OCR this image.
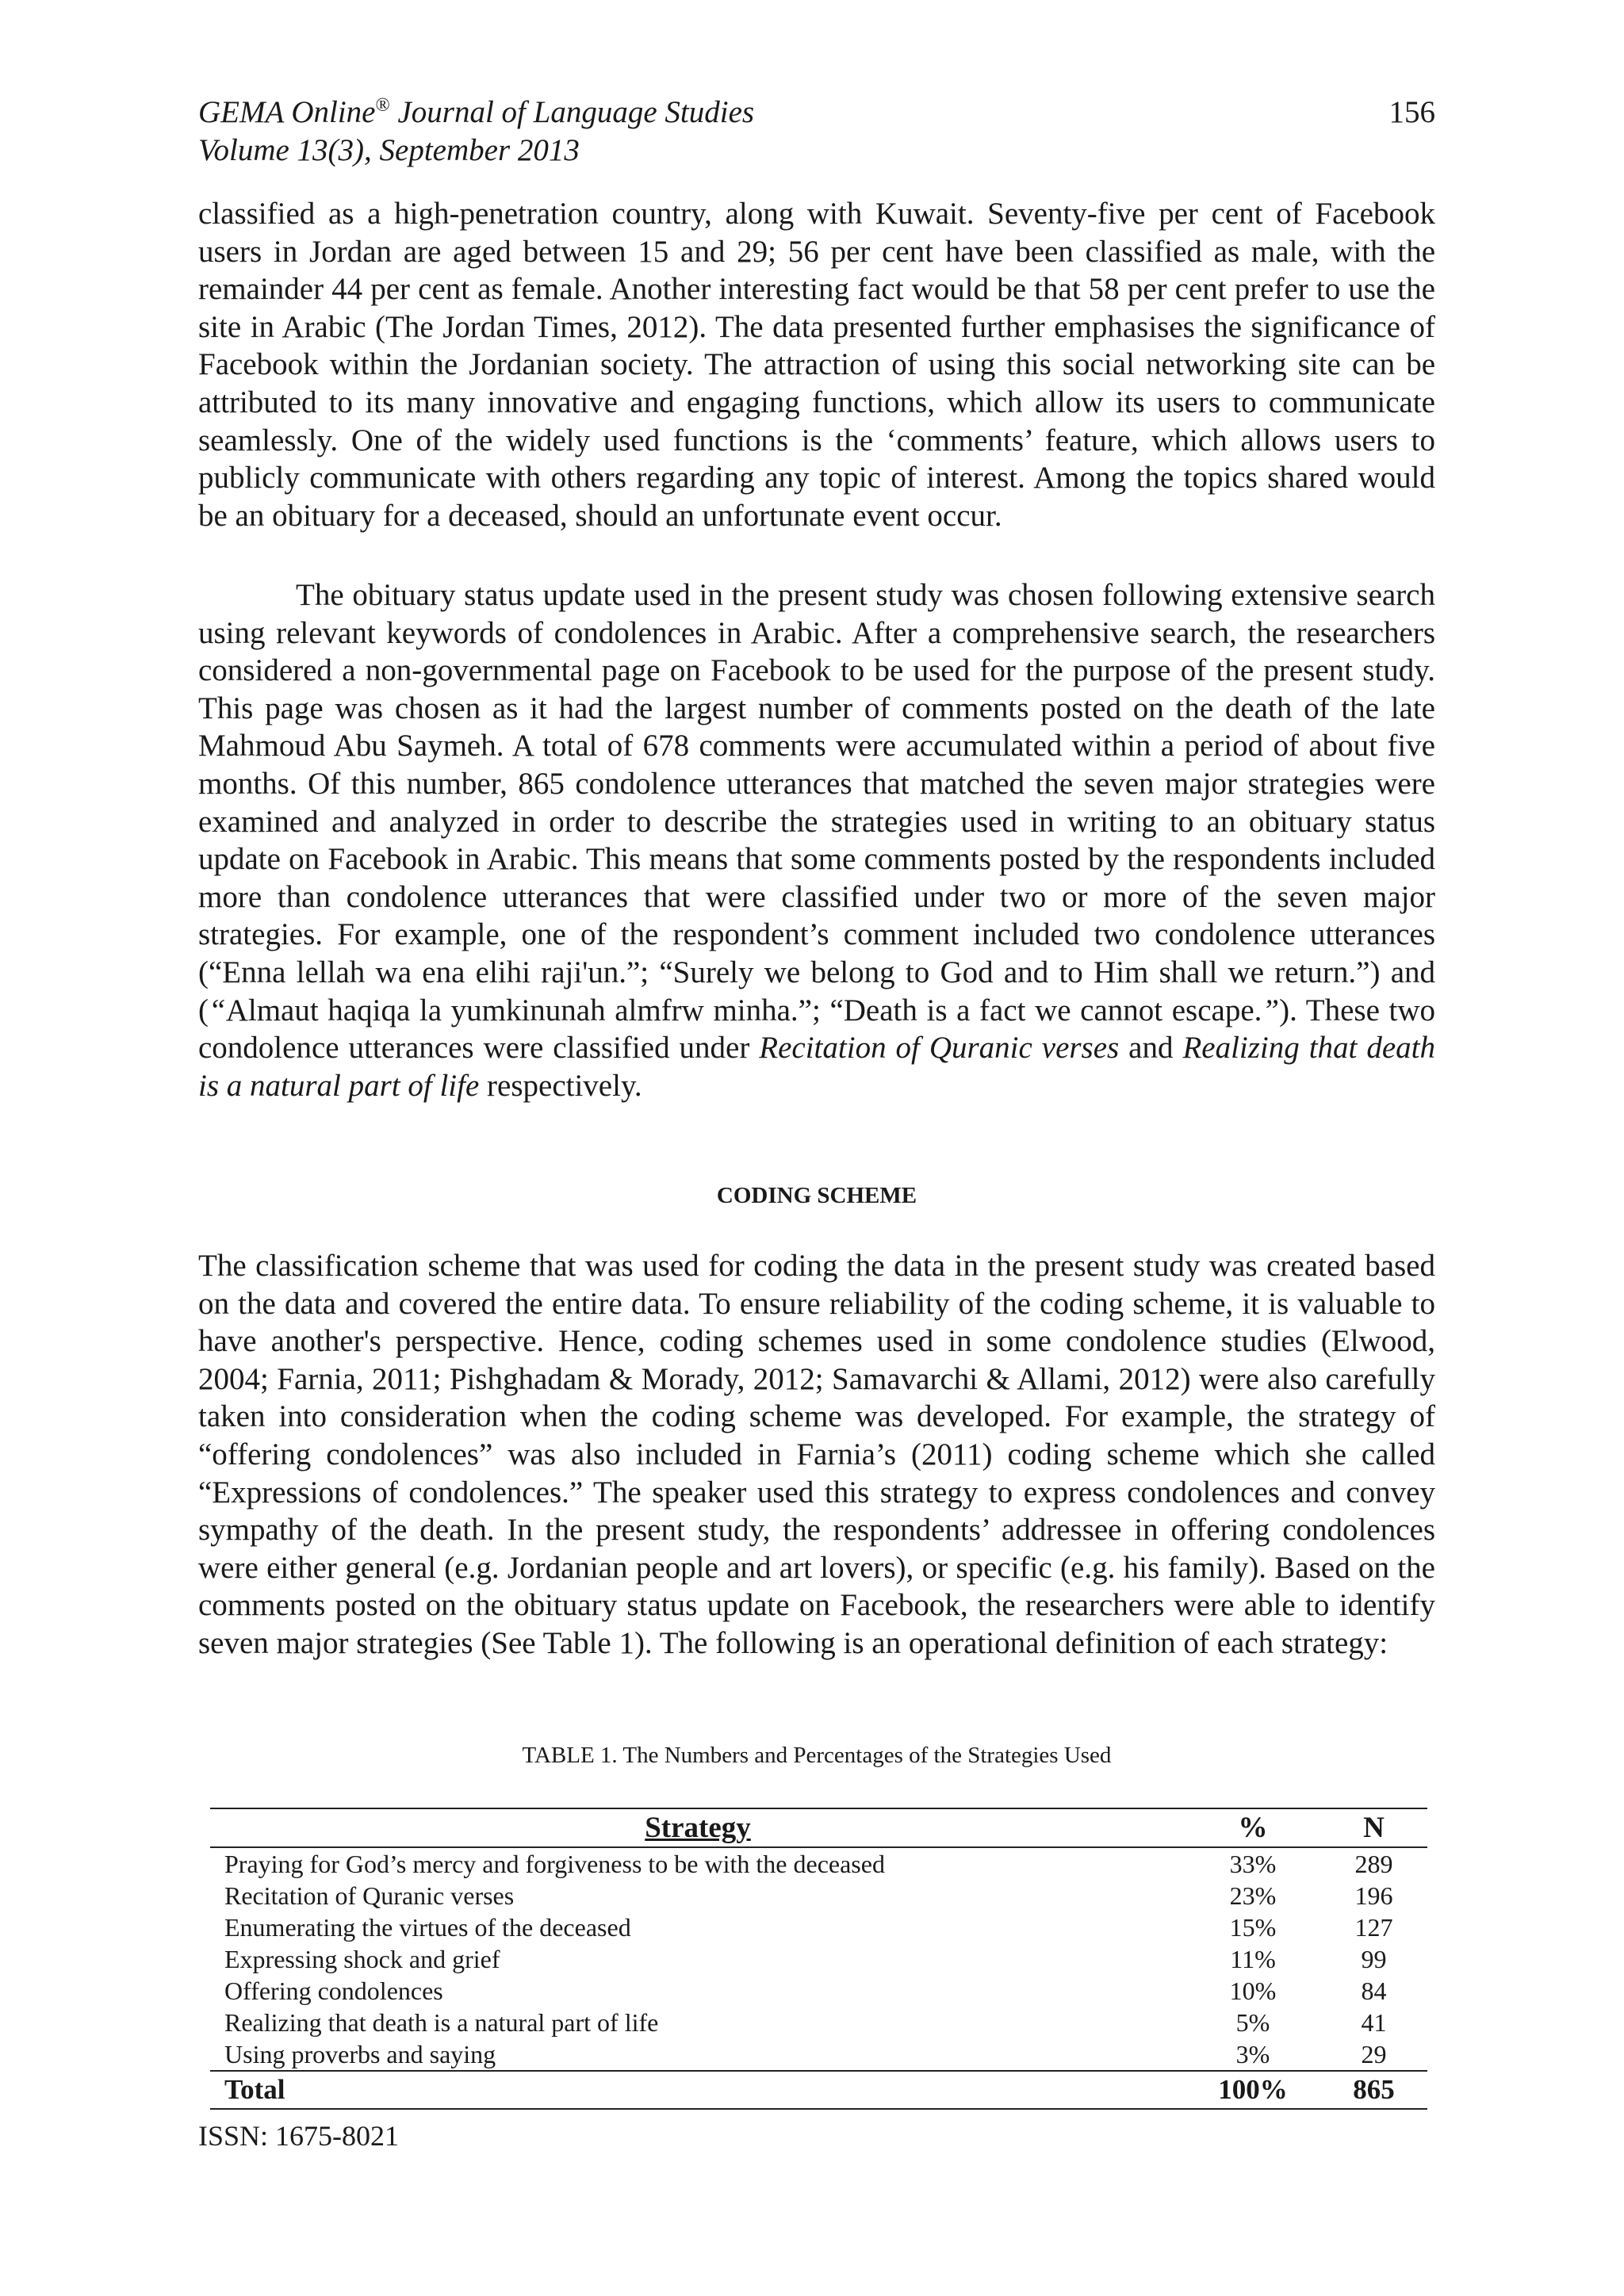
GEMA Online® Journal of Language Studies
Volume 13(3), September 2013
156

classified as a high-penetration country, along with Kuwait. Seventy-five per cent of Facebook users in Jordan are aged between 15 and 29; 56 per cent have been classified as male, with the remainder 44 per cent as female. Another interesting fact would be that 58 per cent prefer to use the site in Arabic (The Jordan Times, 2012). The data presented further emphasises the significance of Facebook within the Jordanian society. The attraction of using this social networking site can be attributed to its many innovative and engaging functions, which allow its users to communicate seamlessly. One of the widely used functions is the ‘comments’ feature, which allows users to publicly communicate with others regarding any topic of interest. Among the topics shared would be an obituary for a deceased, should an unfortunate event occur.

The obituary status update used in the present study was chosen following extensive search using relevant keywords of condolences in Arabic. After a comprehensive search, the researchers considered a non-governmental page on Facebook to be used for the purpose of the present study. This page was chosen as it had the largest number of comments posted on the death of the late Mahmoud Abu Saymeh. A total of 678 comments were accumulated within a period of about five months. Of this number, 865 condolence utterances that matched the seven major strategies were examined and analyzed in order to describe the strategies used in writing to an obituary status update on Facebook in Arabic. This means that some comments posted by the respondents included more than condolence utterances that were classified under two or more of the seven major strategies. For example, one of the respondent’s comment included two condolence utterances (“Enna lellah wa ena elihi raji'un.”; “Surely we belong to God and to Him shall we return.”) and (“Almaut haqiqa la yumkinunah almfrw minha.”; “Death is a fact we cannot escape.”). These two condolence utterances were classified under Recitation of Quranic verses and Realizing that death is a natural part of life respectively.

CODING SCHEME

The classification scheme that was used for coding the data in the present study was created based on the data and covered the entire data. To ensure reliability of the coding scheme, it is valuable to have another's perspective. Hence, coding schemes used in some condolence studies (Elwood, 2004; Farnia, 2011; Pishghadam & Morady, 2012; Samavarchi & Allami, 2012) were also carefully taken into consideration when the coding scheme was developed. For example, the strategy of “offering condolences” was also included in Farnia’s (2011) coding scheme which she called “Expressions of condolences.” The speaker used this strategy to express condolences and convey sympathy of the death. In the present study, the respondents’ addressee in offering condolences were either general (e.g. Jordanian people and art lovers), or specific (e.g. his family). Based on the comments posted on the obituary status update on Facebook, the researchers were able to identify seven major strategies (See Table 1). The following is an operational definition of each strategy:

TABLE 1. The Numbers and Percentages of the Strategies Used
Strategy	%	N
Praying for God’s mercy and forgiveness to be with the deceased	33%	289
Recitation of Quranic verses	23%	196
Enumerating the virtues of the deceased	15%	127
Expressing shock and grief	11%	99
Offering condolences	10%	84
Realizing that death is a natural part of life	5%	41
Using proverbs and saying	3%	29
Total	100%	865
ISSN: 1675-8021
